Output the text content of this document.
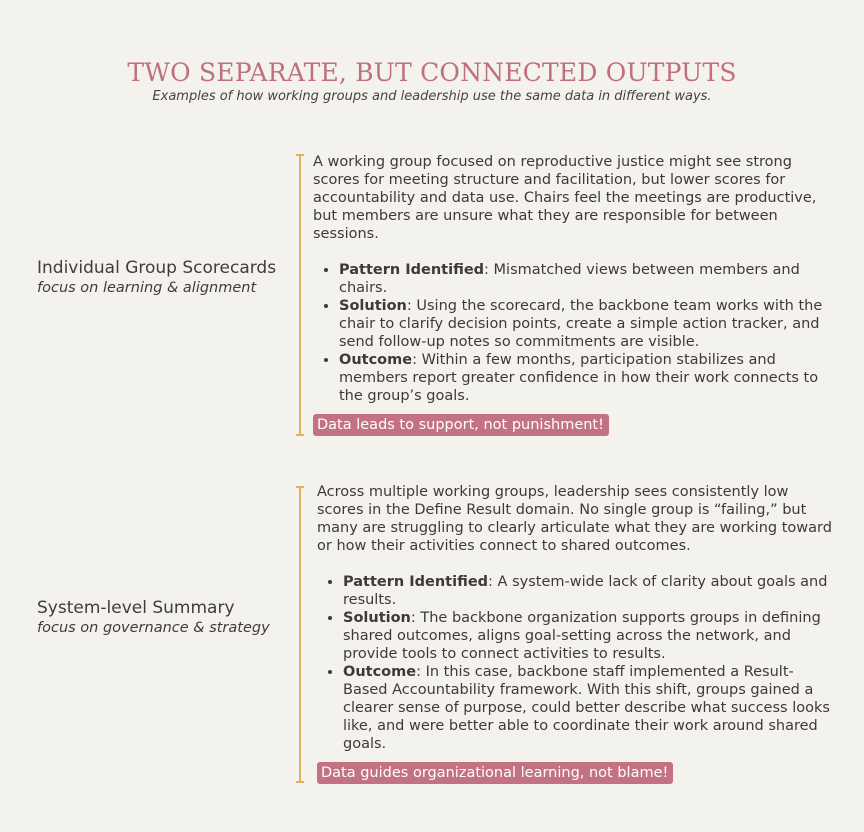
TWO SEPARATE, BUT CONNECTED OUTPUTS
Examples of how working groups and leadership use the same data in different ways.
Individual Group Scorecards
focus on learning & alignment

A working group focused on reproductive justice might see strong scores for meeting structure and facilitation, but lower scores for accountability and data use. Chairs feel the meetings are productive, but members are unsure what they are responsible for between sessions.

• Pattern Identified: Mismatched views between members and chairs.
• Solution: Using the scorecard, the backbone team works with the chair to clarify decision points, create a simple action tracker, and send follow-up notes so commitments are visible.
• Outcome: Within a few months, participation stabilizes and members report greater confidence in how their work connects to the group’s goals.
Data leads to support, not punishment!
System-level Summary
focus on governance & strategy

Across multiple working groups, leadership sees consistently low scores in the Define Result domain. No single group is “failing,” but many are struggling to clearly articulate what they are working toward or how their activities connect to shared outcomes.

• Pattern Identified: A system-wide lack of clarity about goals and results.
• Solution: The backbone organization supports groups in defining shared outcomes, aligns goal-setting across the network, and provide tools to connect activities to results.
• Outcome: In this case, backbone staff implemented a Result-Based Accountability framework. With this shift, groups gained a clearer sense of purpose, could better describe what success looks like, and were better able to coordinate their work around shared goals.
Data guides organizational learning, not blame!
